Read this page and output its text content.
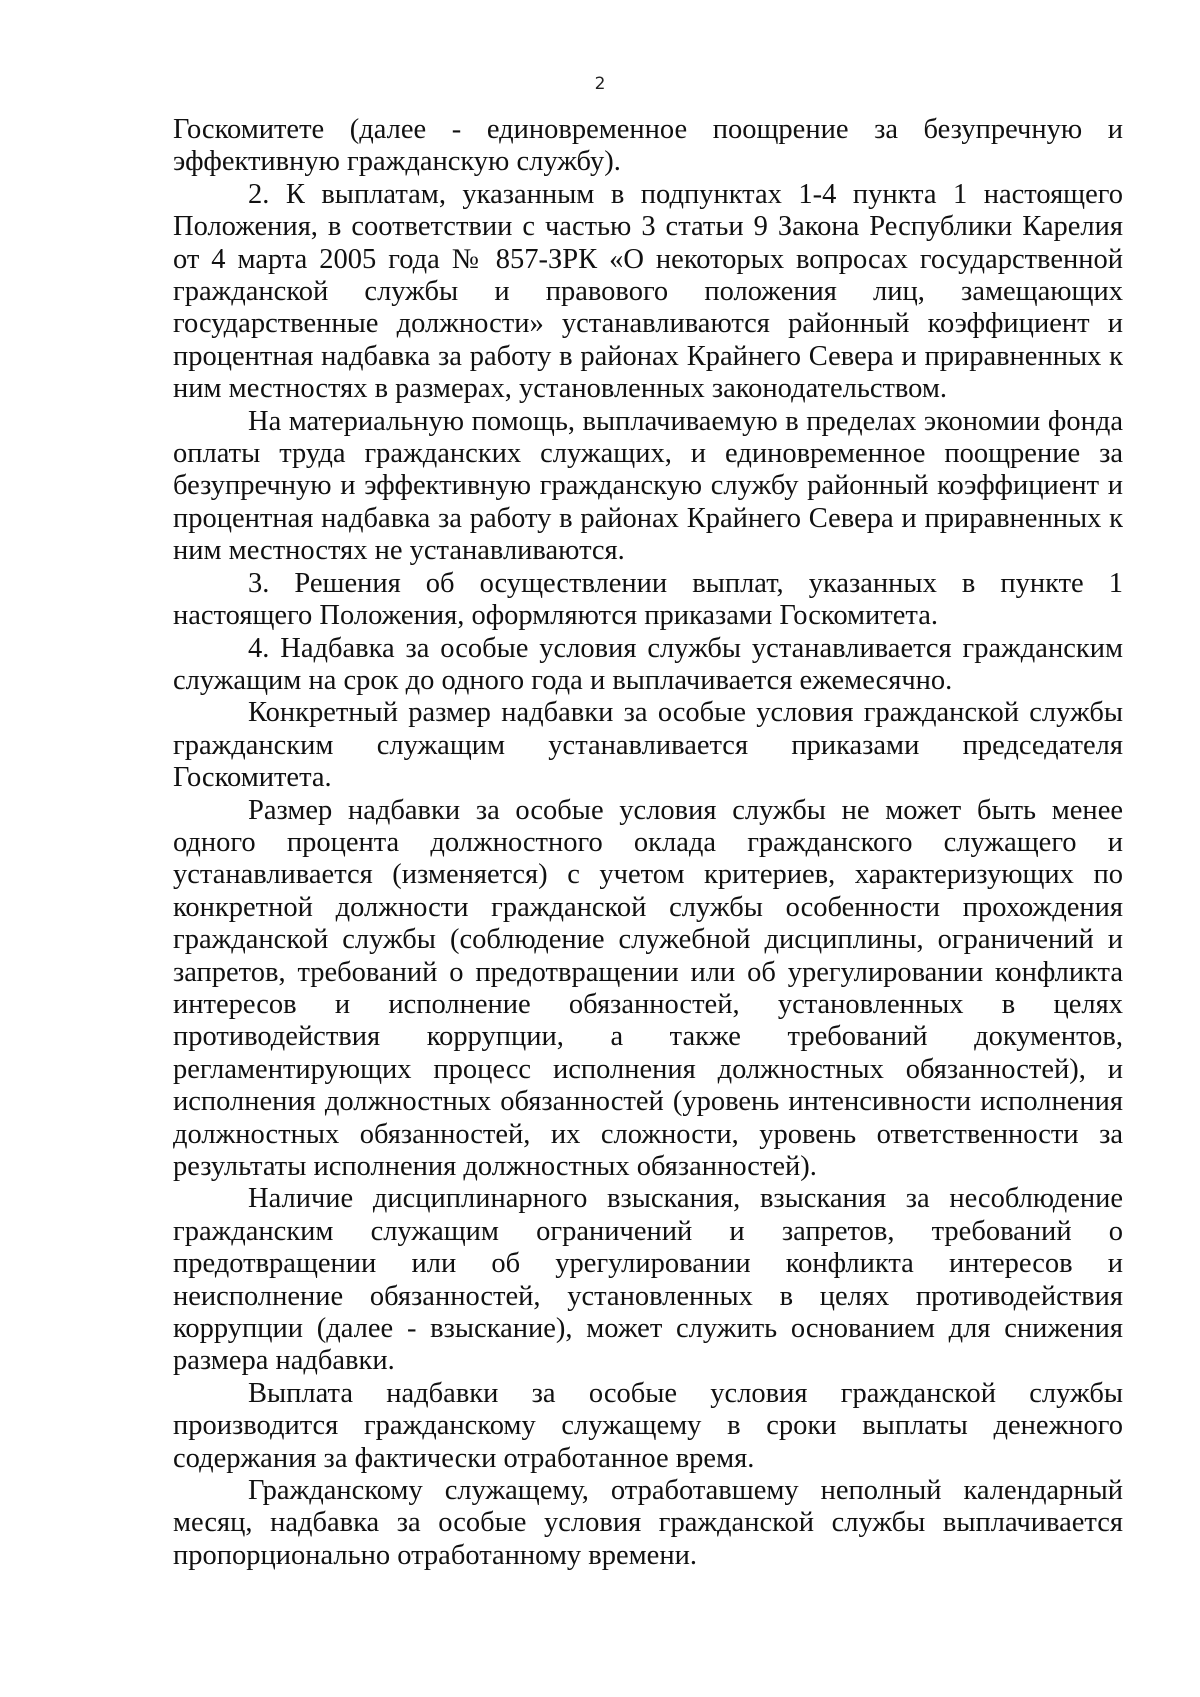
2

Госкомитете (далее - единовременное поощрение за безупречную и эффективную гражданскую службу).

2. К выплатам, указанным в подпунктах 1-4 пункта 1 настоящего Положения, в соответствии с частью 3 статьи 9 Закона Республики Карелия от 4 марта 2005 года № 857-ЗРК «О некоторых вопросах государственной гражданской службы и правового положения лиц, замещающих государственные должности» устанавливаются районный коэффициент и процентная надбавка за работу в районах Крайнего Севера и приравненных к ним местностях в размерах, установленных законодательством.

На материальную помощь, выплачиваемую в пределах экономии фонда оплаты труда гражданских служащих, и единовременное поощрение за безупречную и эффективную гражданскую службу районный коэффициент и процентная надбавка за работу в районах Крайнего Севера и приравненных к ним местностях не устанавливаются.

3. Решения об осуществлении выплат, указанных в пункте 1 настоящего Положения, оформляются приказами Госкомитета.

4. Надбавка за особые условия службы устанавливается гражданским служащим на срок до одного года и выплачивается ежемесячно.

Конкретный размер надбавки за особые условия гражданской службы гражданским служащим устанавливается приказами председателя Госкомитета.

Размер надбавки за особые условия службы не может быть менее одного процента должностного оклада гражданского служащего и устанавливается (изменяется) с учетом критериев, характеризующих по конкретной должности гражданской службы особенности прохождения гражданской службы (соблюдение служебной дисциплины, ограничений и запретов, требований о предотвращении или об урегулировании конфликта интересов и исполнение обязанностей, установленных в целях противодействия коррупции, а также требований документов, регламентирующих процесс исполнения должностных обязанностей), и исполнения должностных обязанностей (уровень интенсивности исполнения должностных обязанностей, их сложности, уровень ответственности за результаты исполнения должностных обязанностей).

Наличие дисциплинарного взыскания, взыскания за несоблюдение гражданским служащим ограничений и запретов, требований о предотвращении или об урегулировании конфликта интересов и неисполнение обязанностей, установленных в целях противодействия коррупции (далее - взыскание), может служить основанием для снижения размера надбавки.

Выплата надбавки за особые условия гражданской службы производится гражданскому служащему в сроки выплаты денежного содержания за фактически отработанное время.

Гражданскому служащему, отработавшему неполный календарный месяц, надбавка за особые условия гражданской службы выплачивается пропорционально отработанному времени.
